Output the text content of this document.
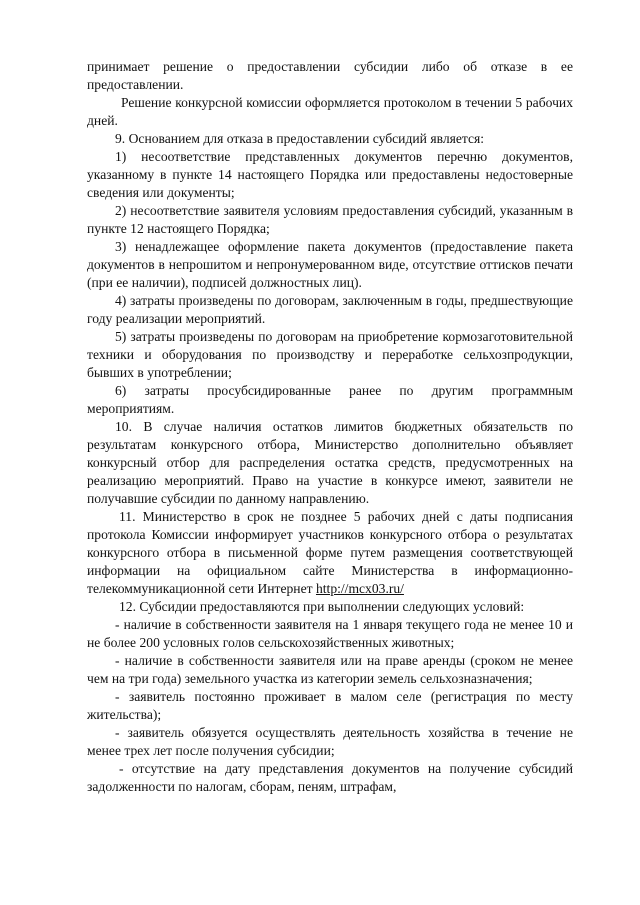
принимает решение о предоставлении субсидии либо об отказе в ее предоставлении.

Решение конкурсной комиссии оформляется протоколом в течении 5 рабочих дней.

9. Основанием для отказа в предоставлении субсидий является:

1) несоответствие представленных документов перечню документов, указанному в пункте 14 настоящего Порядка или предоставлены недостоверные сведения или документы;

2) несоответствие заявителя условиям предоставления субсидий, указанным в пункте 12 настоящего Порядка;

3) ненадлежащее оформление пакета документов (предоставление пакета документов в непрошитом и непронумерованном виде, отсутствие оттисков печати (при ее наличии), подписей должностных лиц).

4) затраты произведены по договорам, заключенным в годы, предшествующие году реализации мероприятий.

5) затраты произведены по договорам на приобретение кормозаготовительной техники и оборудования по производству и переработке сельхозпродукции, бывших в употреблении;

6) затраты просубсидированные ранее по другим программным мероприятиям.

10. В случае наличия остатков лимитов бюджетных обязательств по результатам конкурсного отбора, Министерство дополнительно объявляет конкурсный отбор для распределения остатка средств, предусмотренных на реализацию мероприятий. Право на участие в конкурсе имеют, заявители не получавшие субсидии по данному направлению.

11. Министерство в срок не позднее 5 рабочих дней с даты подписания протокола Комиссии информирует участников конкурсного отбора о результатах конкурсного отбора в письменной форме путем размещения соответствующей информации на официальном сайте Министерства в информационно-телекоммуникационной сети Интернет http://mcx03.ru/

12. Субсидии предоставляются при выполнении следующих условий:

- наличие в собственности заявителя на 1 января текущего года не менее 10 и не более 200 условных голов сельскохозяйственных животных;

- наличие в собственности заявителя или на праве аренды (сроком не менее чем на три года) земельного участка из категории земель сельхозназначения;

- заявитель постоянно проживает в малом селе (регистрация по месту жительства);

- заявитель обязуется осуществлять деятельность хозяйства в течение не менее трех лет после получения субсидии;

- отсутствие на дату представления документов на получение субсидий задолженности по налогам, сборам, пеням, штрафам,
